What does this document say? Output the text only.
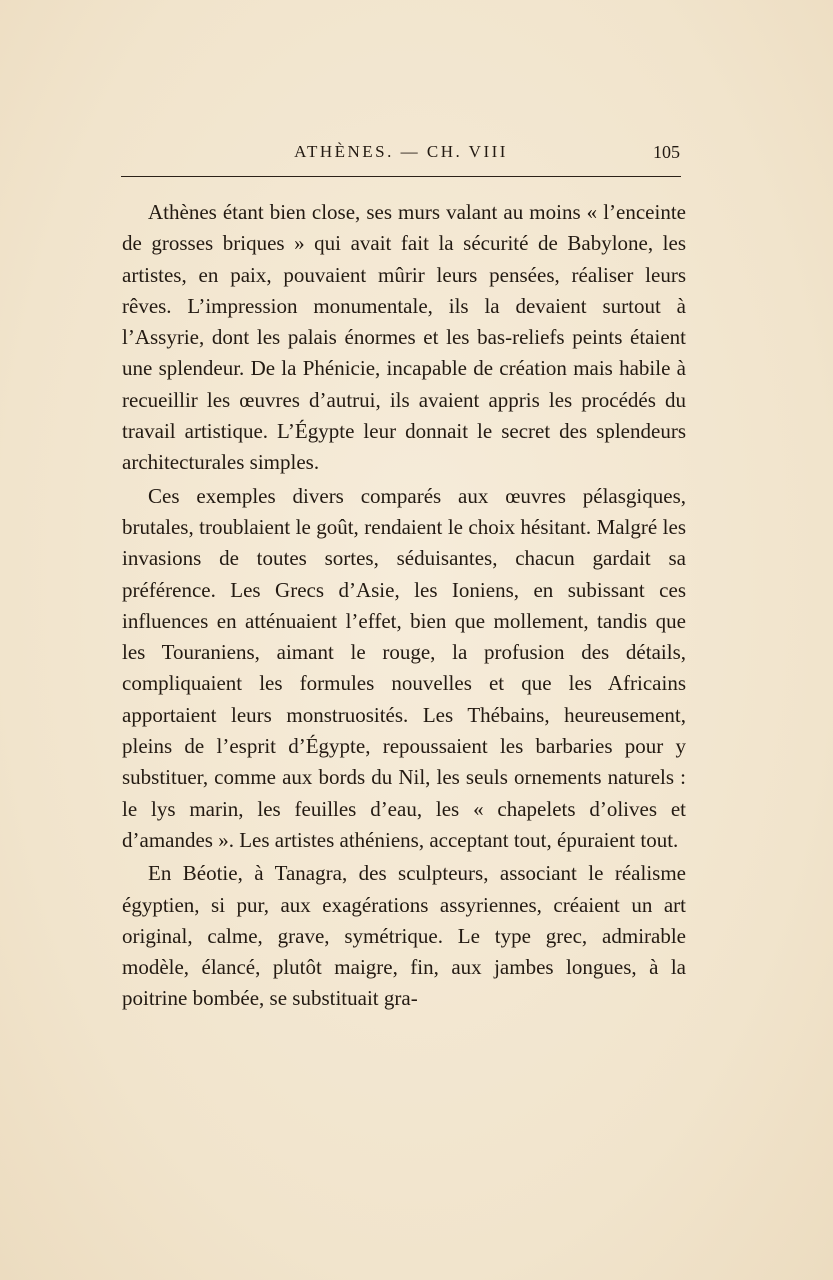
ATHÈNES. — CH. VIII	105

Athènes étant bien close, ses murs valant au moins « l’enceinte de grosses briques » qui avait fait la sécurité de Babylone, les artistes, en paix, pouvaient mûrir leurs pensées, réaliser leurs rêves. L’impression monumentale, ils la devaient surtout à l’Assyrie, dont les palais énormes et les bas-reliefs peints étaient une splendeur. De la Phénicie, incapable de création mais habile à recueillir les œuvres d’autrui, ils avaient appris les procédés du travail artistique. L’Égypte leur donnait le secret des splendeurs architecturales simples.

Ces exemples divers comparés aux œuvres pélasgiques, brutales, troublaient le goût, rendaient le choix hésitant. Malgré les invasions de toutes sortes, séduisantes, chacun gardait sa préférence. Les Grecs d’Asie, les Ioniens, en subissant ces influences en atténuaient l’effet, bien que mollement, tandis que les Touraniens, aimant le rouge, la profusion des détails, compliquaient les formules nouvelles et que les Africains apportaient leurs monstruosités. Les Thébains, heureusement, pleins de l’esprit d’Égypte, repoussaient les barbaries pour y substituer, comme aux bords du Nil, les seuls ornements naturels : le lys marin, les feuilles d’eau, les « chapelets d’olives et d’amandes ». Les artistes athéniens, acceptant tout, épuraient tout.

En Béotie, à Tanagra, des sculpteurs, associant le réalisme égyptien, si pur, aux exagérations assyriennes, créaient un art original, calme, grave, symétrique. Le type grec, admirable modèle, élancé, plutôt maigre, fin, aux jambes longues, à la poitrine bombée, se substituait gra-
